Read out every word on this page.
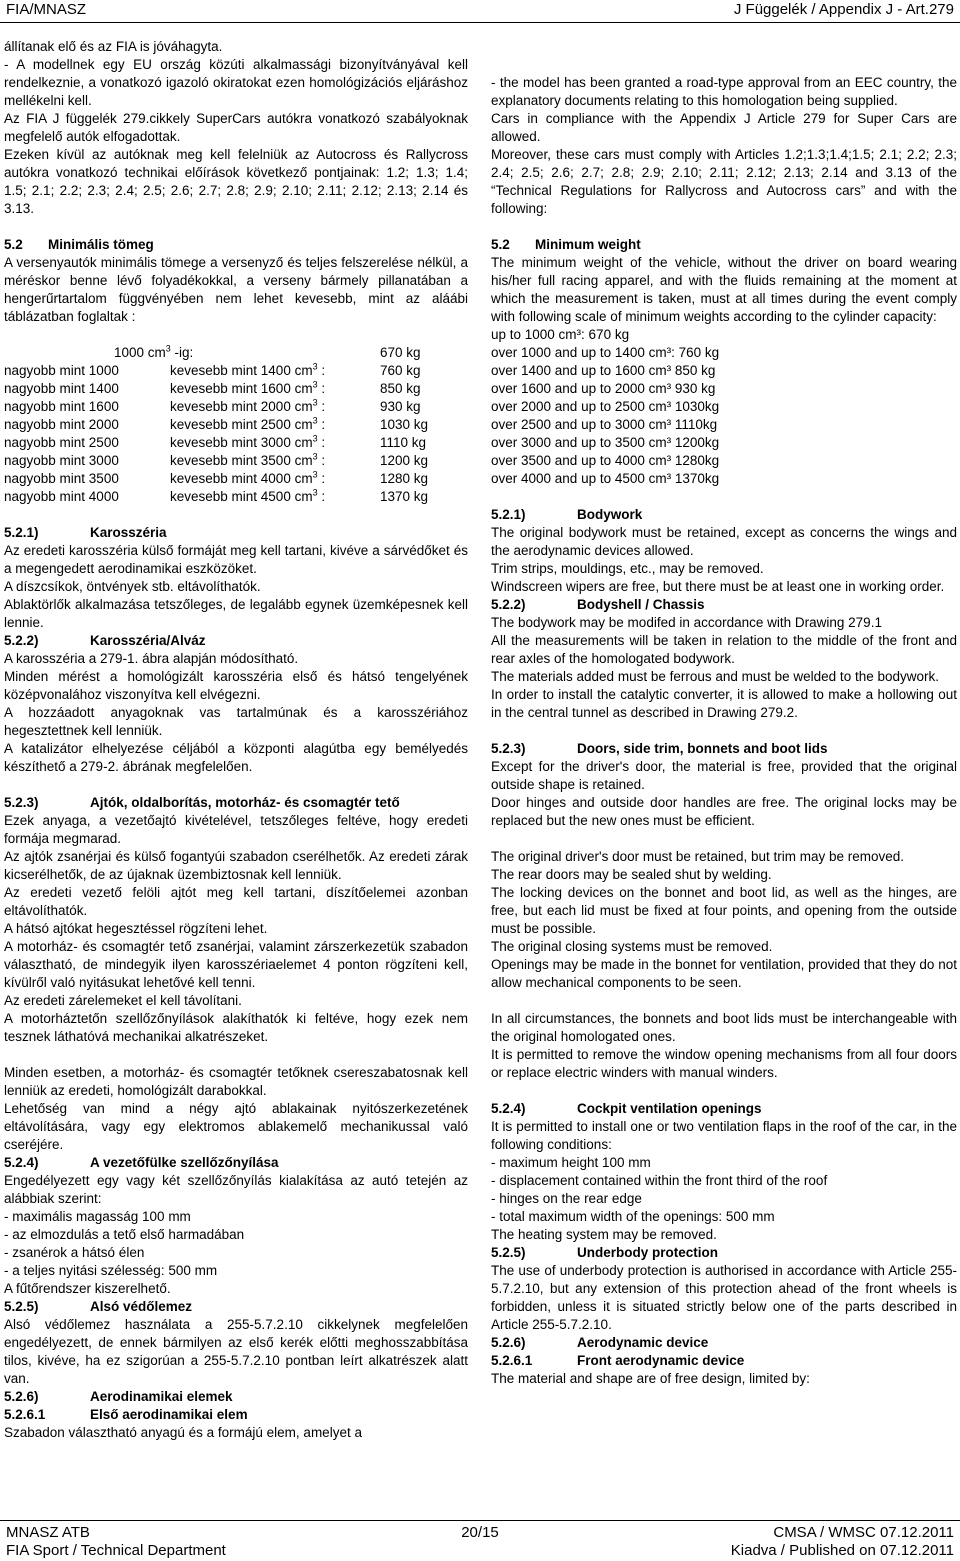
FIA/MNASZ	J Függelék / Appendix J - Art.279

állítanak elő és az FIA is jóváhagyta.

- A modellnek egy EU ország közúti alkalmassági bizonyítványával kell rendelkeznie, a vonatkozó igazoló okiratokat ezen homológizációs eljáráshoz mellékelni kell.

Az FIA J függelék 279.cikkely SuperCars autókra vonatkozó szabályoknak megfelelő autók elfogadottak.

Ezeken kívül az autóknak meg kell felelniük az Autocross és Rallycross autókra vonatkozó technikai előírások következő pontjainak: 1.2; 1.3; 1.4; 1.5; 2.1; 2.2; 2.3; 2.4; 2.5; 2.6; 2.7; 2.8; 2.9; 2.10; 2.11; 2.12; 2.13; 2.14 és 3.13.

5.2	Minimális tömeg

A versenyautók minimális tömege a versenyző és teljes felszerelése nélkül, a méréskor benne lévő folyadékokkal, a verseny bármely pillanatában a hengerűrtartalom függvényében nem lehet kevesebb, mint az aláábi táblázatban foglaltak :

1000 $cm^3$ -ig:	670 kg
nagyobb mint 1000	kevesebb mint 1400 $cm^3$ :	760 kg
nagyobb mint 1400	kevesebb mint 1600 $cm^3$ :	850 kg
nagyobb mint 1600	kevesebb mint 2000 $cm^3$ :	930 kg
nagyobb mint 2000	kevesebb mint 2500 $cm^3$ :	1030 kg
nagyobb mint 2500	kevesebb mint 3000 $cm^3$ :	1110 kg
nagyobb mint 3000	kevesebb mint 3500 $cm^3$ :	1200 kg
nagyobb mint 3500	kevesebb mint 4000 $cm^3$ :	1280 kg
nagyobb mint 4000	kevesebb mint 4500 $cm^3$ :	1370 kg
5.2.1)	Karosszéria

Az eredeti karosszéria külső formáját meg kell tartani, kivéve a sárvédőket és a megengedett aerodinamikai eszközöket.

A díszcsíkok, öntvények stb. eltávolíthatók.

Ablaktörlők alkalmazása tetszőleges, de legalább egynek üzemképesnek kell lennie.

5.2.2)	Karosszéria/Alváz

A karosszéria a 279-1. ábra alapján módosítható.

Minden mérést a homológizált karosszéria első és hátsó tengelyének középvonalához viszonyítva kell elvégezni.

A hozzáadott anyagoknak vas tartalmúnak és a karosszériához hegesztettnek kell lenniük.

A katalizátor elhelyezése céljából a központi alagútba egy bemélyedés készíthető a 279-2. ábrának megfelelően.

5.2.3)	Ajtók, oldalborítás, motorház- és csomagtér tető

Ezek anyaga, a vezetőajtó kivételével, tetszőleges feltéve, hogy eredeti formája megmarad.

Az ajtók zsanérjai és külső fogantyúi szabadon cserélhetők. Az eredeti zárak kicserélhetők, de az újaknak üzembiztosnak kell lenniük.

Az eredeti vezető felöli ajtót meg kell tartani, díszítőelemei azonban eltávolíthatók.

A hátsó ajtókat hegesztéssel rögzíteni lehet.

A motorház- és csomagtér tető zsanérjai, valamint zárszerkezetük szabadon választható, de mindegyik ilyen karosszériaelemet 4 ponton rögzíteni kell, kívülről való nyitásukat lehetővé kell tenni.

Az eredeti zárelemeket el kell távolítani.

A motorháztetőn szellőzőnyílások alakíthatók ki feltéve, hogy ezek nem tesznek láthatóvá mechanikai alkatrészeket.

Minden esetben, a motorház- és csomagtér tetőknek csereszabatosnak kell lenniük az eredeti, homológizált darabokkal.

Lehetőség van mind a négy ajtó ablakainak nyitószerkezetének eltávolítására, vagy egy elektromos ablakemelő mechanikussal való cseréjére.

5.2.4)	A vezetőfülke szellőzőnyílása

Engedélyezett egy vagy két szellőzőnyílás kialakítása az autó tetején az alábbiak szerint:

- maximális magasság 100 mm

- az elmozdulás a tető első harmadában

- zsanérok a hátsó élen

- a teljes nyitási szélesség: 500 mm

A fűtőrendszer kiszerelhető.

5.2.5)	Alsó védőlemez

Alsó védőlemez használata a 255-5.7.2.10 cikkelynek megfelelően engedélyezett, de ennek bármilyen az első kerék előtti meghosszabbítása tilos, kivéve, ha ez szigorúan a 255-5.7.2.10 pontban leírt alkatrészek alatt van.

5.2.6)	Aerodinamikai elemek
5.2.6.1	Első aerodinamikai elem

Szabadon választható anyagú és a formájú elem, amelyet a

- the model has been granted a road-type approval from an EEC country, the explanatory documents relating to this homologation being supplied.

Cars in compliance with the Appendix J Article 279 for Super Cars are allowed.

Moreover, these cars must comply with Articles 1.2;1.3;1.4;1.5; 2.1; 2.2; 2.3; 2.4; 2.5; 2.6; 2.7; 2.8; 2.9; 2.10; 2.11; 2.12; 2.13; 2.14 and 3.13 of the “Technical Regulations for Rallycross and Autocross cars” and with the following:

5.2	Minimum weight

The minimum weight of the vehicle, without the driver on board wearing his/her full racing apparel, and with the fluids remaining at the moment at which the measurement is taken, must at all times during the event comply with following scale of minimum weights according to the cylinder capacity:

up to 1000 cm³: 670 kg
over 1000 and up to 1400 cm³: 760 kg
over 1400 and up to 1600 cm³ 850 kg
over 1600 and up to 2000 cm³ 930 kg
over 2000 and up to 2500 cm³ 1030kg
over 2500 and up to 3000 cm³ 1110kg
over 3000 and up to 3500 cm³ 1200kg
over 3500 and up to 4000 cm³ 1280kg
over 4000 and up to 4500 cm³ 1370kg
5.2.1)	Bodywork

The original bodywork must be retained, except as concerns the wings and the aerodynamic devices allowed.

Trim strips, mouldings, etc., may be removed.

Windscreen wipers are free, but there must be at least one in working order.

5.2.2)	Bodyshell / Chassis

The bodywork may be modifed in accordance with Drawing 279.1

All the measurements will be taken in relation to the middle of the front and rear axles of the homologated bodywork.

The materials added must be ferrous and must be welded to the bodywork.

In order to install the catalytic converter, it is allowed to make a hollowing out in the central tunnel as described in Drawing 279.2.

5.2.3)	Doors, side trim, bonnets and boot lids

Except for the driver's door, the material is free, provided that the original outside shape is retained.

Door hinges and outside door handles are free. The original locks may be replaced but the new ones must be efficient.

The original driver's door must be retained, but trim may be removed.

The rear doors may be sealed shut by welding.

The locking devices on the bonnet and boot lid, as well as the hinges, are free, but each lid must be fixed at four points, and opening from the outside must be possible.

The original closing systems must be removed.

Openings may be made in the bonnet for ventilation, provided that they do not allow mechanical components to be seen.

In all circumstances, the bonnets and boot lids must be interchangeable with the original homologated ones.

It is permitted to remove the window opening mechanisms from all four doors or replace electric winders with manual winders.

5.2.4)	Cockpit ventilation openings

It is permitted to install one or two ventilation flaps in the roof of the car, in the following conditions:

- maximum height 100 mm

- displacement contained within the front third of the roof

- hinges on the rear edge

- total maximum width of the openings: 500 mm

The heating system may be removed.

5.2.5)	Underbody protection

The use of underbody protection is authorised in accordance with Article 255-5.7.2.10, but any extension of this protection ahead of the front wheels is forbidden, unless it is situated strictly below one of the parts described in Article 255-5.7.2.10.

5.2.6)	Aerodynamic device
5.2.6.1	Front aerodynamic device

The material and shape are of free design, limited by:

MNASZ ATB
FIA Sport / Technical Department
20/15	CMSA / WMSC 07.12.2011
Kiadva / Published on 07.12.2011
